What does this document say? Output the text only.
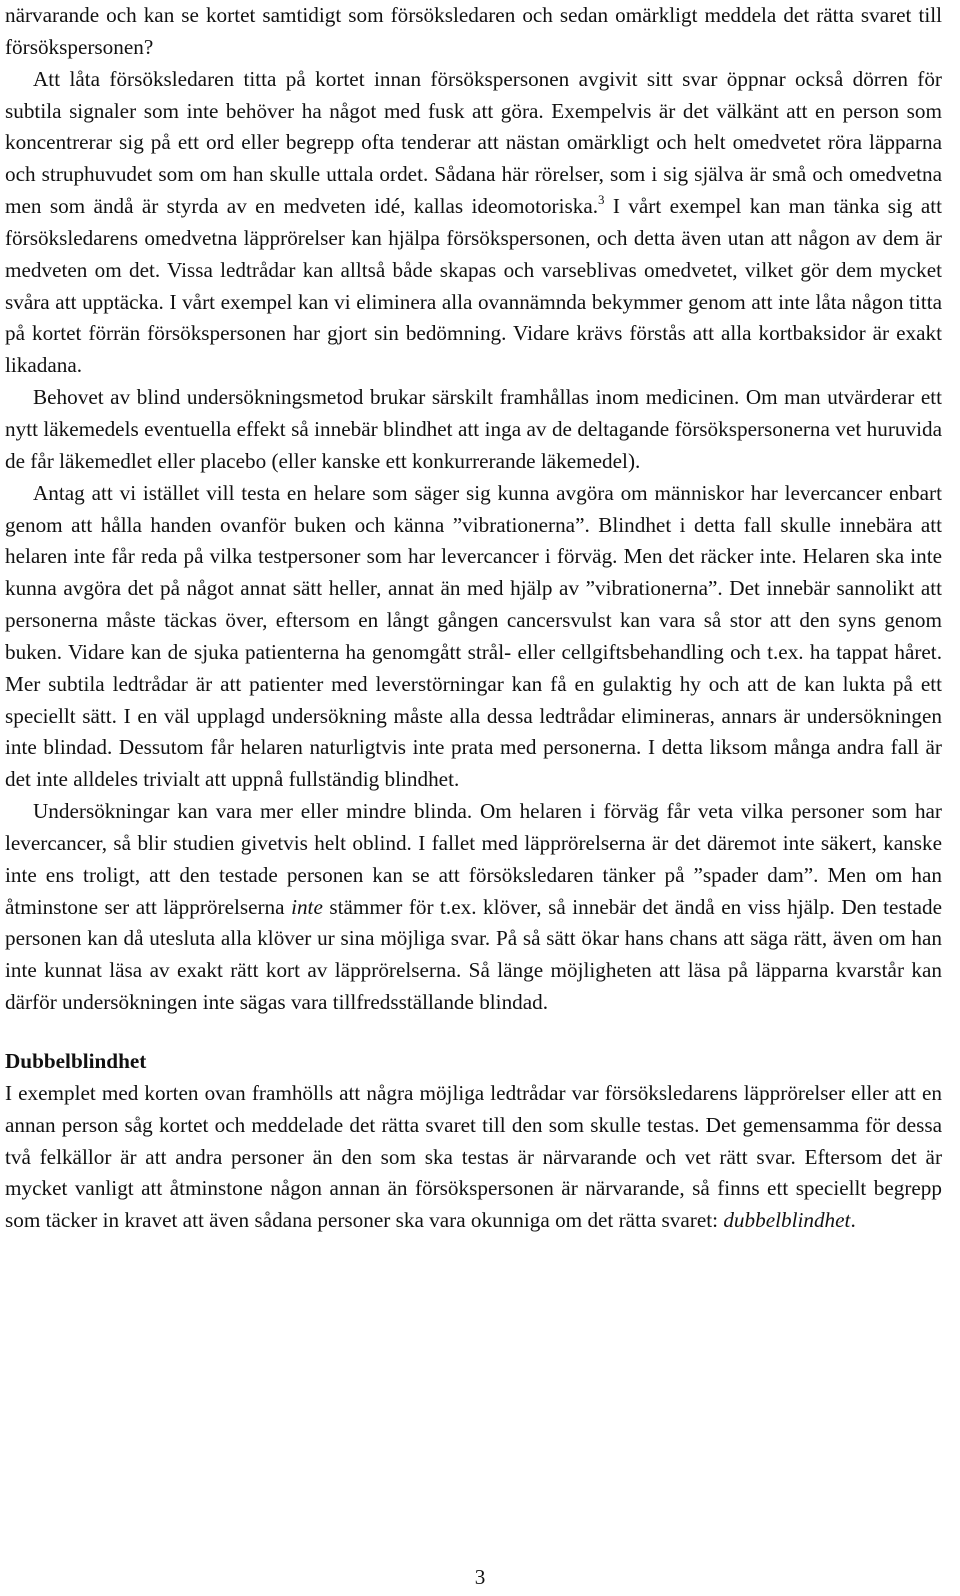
närvarande och kan se kortet samtidigt som försöksledaren och sedan omärkligt meddela det rätta svaret till försökspersonen?

Att låta försöksledaren titta på kortet innan försökspersonen avgivit sitt svar öppnar också dörren för subtila signaler som inte behöver ha något med fusk att göra. Exempelvis är det välkänt att en person som koncentrerar sig på ett ord eller begrepp ofta tenderar att nästan omärkligt och helt omedvetet röra läpparna och struphuvudet som om han skulle uttala ordet. Sådana här rörelser, som i sig själva är små och omedvetna men som ändå är styrda av en medveten idé, kallas ideomotoriska.$^3$ I vårt exempel kan man tänka sig att försöksledarens omedvetna läpprörelser kan hjälpa försökspersonen, och detta även utan att någon av dem är medveten om det. Vissa ledtrådar kan alltså både skapas och varseblivas omedvetet, vilket gör dem mycket svåra att upptäcka. I vårt exempel kan vi eliminera alla ovannämnda bekymmer genom att inte låta någon titta på kortet förrän försökspersonen har gjort sin bedömning. Vidare krävs förstås att alla kortbaksidor är exakt likadana.

Behovet av blind undersökningsmetod brukar särskilt framhållas inom medicinen. Om man utvärderar ett nytt läkemedels eventuella effekt så innebär blindhet att inga av de deltagande försökspersonerna vet huruvida de får läkemedlet eller placebo (eller kanske ett konkurrerande läkemedel).

Antag att vi istället vill testa en helare som säger sig kunna avgöra om människor har levercancer enbart genom att hålla handen ovanför buken och känna ”vibrationerna”. Blindhet i detta fall skulle innebära att helaren inte får reda på vilka testpersoner som har levercancer i förväg. Men det räcker inte. Helaren ska inte kunna avgöra det på något annat sätt heller, annat än med hjälp av ”vibrationerna”. Det innebär sannolikt att personerna måste täckas över, eftersom en långt gången cancersvulst kan vara så stor att den syns genom buken. Vidare kan de sjuka patienterna ha genomgått strål- eller cellgiftsbehandling och t.ex. ha tappat håret. Mer subtila ledtrådar är att patienter med leverstörningar kan få en gulaktig hy och att de kan lukta på ett speciellt sätt. I en väl upplagd undersökning måste alla dessa ledtrådar elimineras, annars är undersökningen inte blindad. Dessutom får helaren naturligtvis inte prata med personerna. I detta liksom många andra fall är det inte alldeles trivialt att uppnå fullständig blindhet.

Undersökningar kan vara mer eller mindre blinda. Om helaren i förväg får veta vilka personer som har levercancer, så blir studien givetvis helt oblind. I fallet med läpprörelserna är det däremot inte säkert, kanske inte ens troligt, att den testade personen kan se att försöksledaren tänker på ”spader dam”. Men om han åtminstone ser att läpprörelserna inte stämmer för t.ex. klöver, så innebär det ändå en viss hjälp. Den testade personen kan då utesluta alla klöver ur sina möjliga svar. På så sätt ökar hans chans att säga rätt, även om han inte kunnat läsa av exakt rätt kort av läpprörelserna. Så länge möjligheten att läsa på läpparna kvarstår kan därför undersökningen inte sägas vara tillfredsställande blindad.

Dubbelblindhet

I exemplet med korten ovan framhölls att några möjliga ledtrådar var försöksledarens läpprörelser eller att en annan person såg kortet och meddelade det rätta svaret till den som skulle testas. Det gemensamma för dessa två felkällor är att andra personer än den som ska testas är närvarande och vet rätt svar. Eftersom det är mycket vanligt att åtminstone någon annan än försökspersonen är närvarande, så finns ett speciellt begrepp som täcker in kravet att även sådana personer ska vara okunniga om det rätta svaret: dubbelblindhet.

3
